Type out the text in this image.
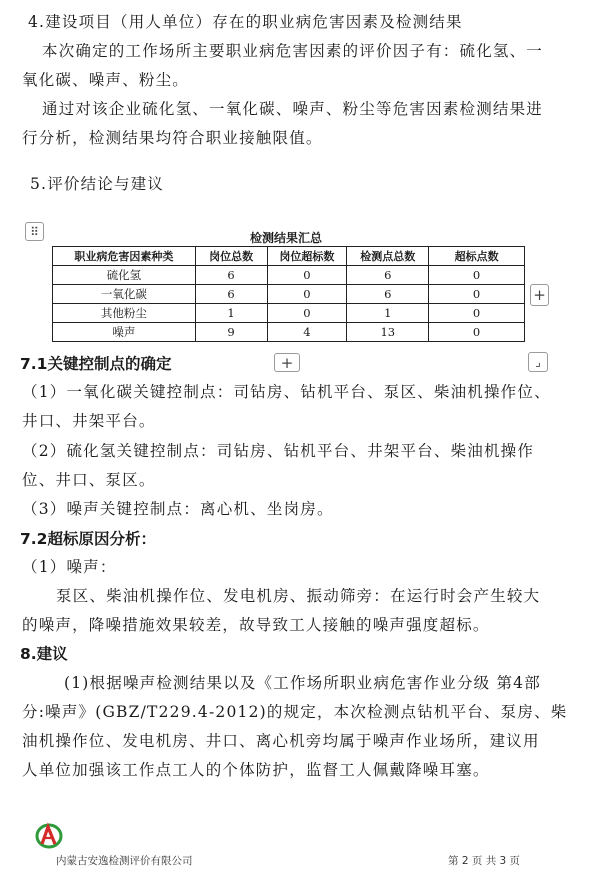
4.建设项目（用人单位）存在的职业病危害因素及检测结果
本次确定的工作场所主要职业病危害因素的评价因子有：硫化氢、一
氧化碳、噪声、粉尘。
通过对该企业硫化氢、一氧化碳、噪声、粉尘等危害因素检测结果进
行分析，检测结果均符合职业接触限值。
5.评价结论与建议
⠿	检测结果汇总
职业病危害因素种类	岗位总数	岗位超标数	检测点总数	超标点数
硫化氢	6	0	6	0
一氧化碳	6	0	6	0
其他粉尘	1	0	1	0
噪声	9	4	13	0
+
+	⌟
7.1关键控制点的确定
（1）一氧化碳关键控制点：司钻房、钻机平台、泵区、柴油机操作位、
井口、井架平台。
（2）硫化氢关键控制点：司钻房、钻机平台、井架平台、柴油机操作
位、井口、泵区。
（3）噪声关键控制点：离心机、坐岗房。
7.2超标原因分析：
（1）噪声：
泵区、柴油机操作位、发电机房、振动筛旁：在运行时会产生较大
的噪声，降噪措施效果较差，故导致工人接触的噪声强度超标。
8.建议
(1)根据噪声检测结果以及《工作场所职业病危害作业分级 第4部
分:噪声》(GBZ/T229.4-2012)的规定，本次检测点钻机平台、泵房、柴
油机操作位、发电机房、井口、离心机旁均属于噪声作业场所，建议用
人单位加强该工作点工人的个体防护，监督工人佩戴降噪耳塞。
内蒙古安逸检测评价有限公司	第 2 页 共 3 页
